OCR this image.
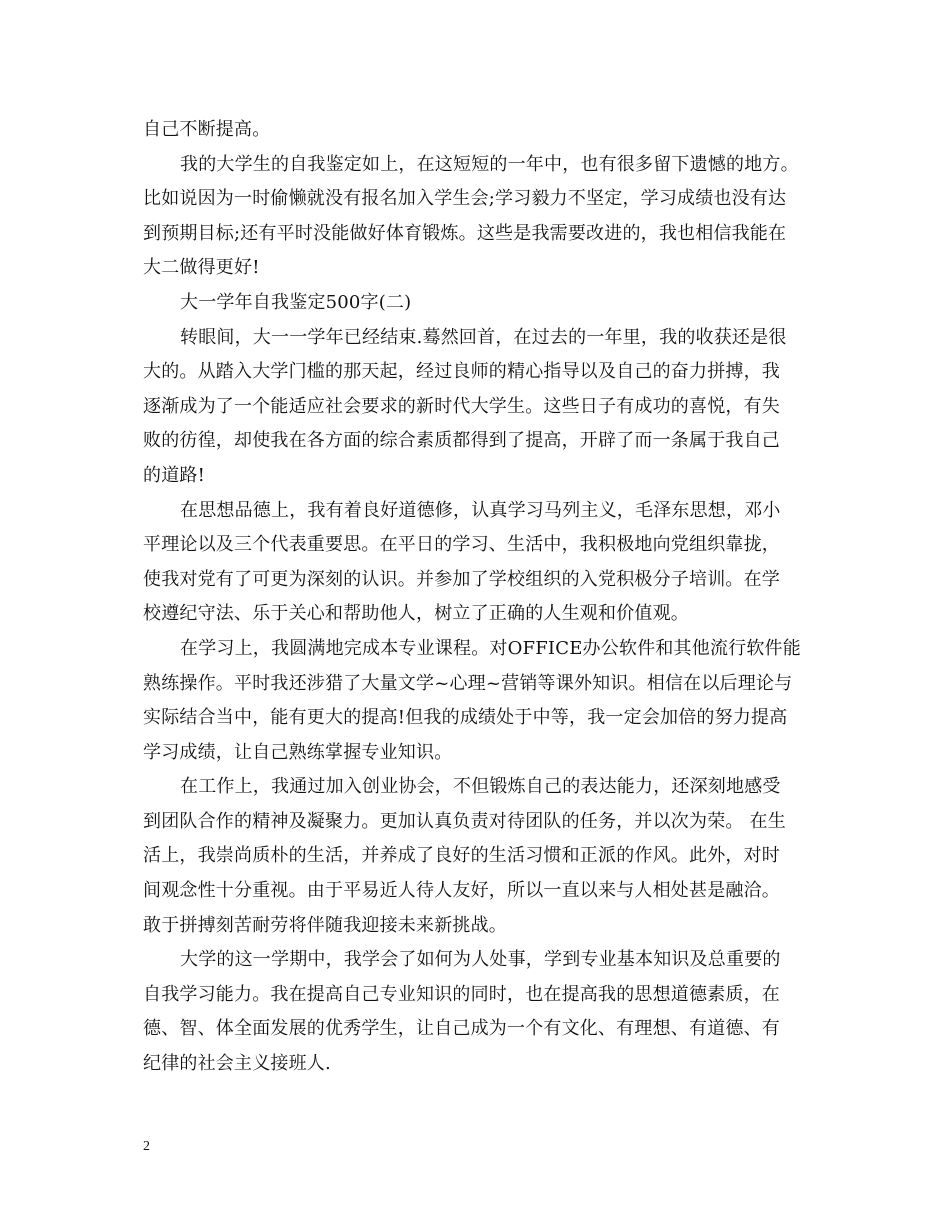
自己不断提高。
我的大学生的自我鉴定如上，在这短短的一年中，也有很多留下遗憾的地方。
比如说因为一时偷懒就没有报名加入学生会;学习毅力不坚定，学习成绩也没有达
到预期目标;还有平时没能做好体育锻炼。这些是我需要改进的，我也相信我能在
大二做得更好!
大一学年自我鉴定500字(二)
转眼间，大一一学年已经结束.蓦然回首，在过去的一年里，我的收获还是很
大的。从踏入大学门槛的那天起，经过良师的精心指导以及自己的奋力拼搏，我
逐渐成为了一个能适应社会要求的新时代大学生。这些日子有成功的喜悦，有失
败的彷徨，却使我在各方面的综合素质都得到了提高，开辟了而一条属于我自己
的道路!
在思想品德上，我有着良好道德修，认真学习马列主义，毛泽东思想，邓小
平理论以及三个代表重要思。在平日的学习、生活中，我积极地向党组织靠拢，
使我对党有了可更为深刻的认识。并参加了学校组织的入党积极分子培训。在学
校遵纪守法、乐于关心和帮助他人，树立了正确的人生观和价值观。
在学习上，我圆满地完成本专业课程。对OFFICE办公软件和其他流行软件能
熟练操作。平时我还涉猎了大量文学~心理~营销等课外知识。相信在以后理论与
实际结合当中，能有更大的提高!但我的成绩处于中等，我一定会加倍的努力提高
学习成绩，让自己熟练掌握专业知识。
在工作上，我通过加入创业协会，不但锻炼自己的表达能力，还深刻地感受
到团队合作的精神及凝聚力。更加认真负责对待团队的任务，并以次为荣。 在生
活上，我崇尚质朴的生活，并养成了良好的生活习惯和正派的作风。此外，对时
间观念性十分重视。由于平易近人待人友好，所以一直以来与人相处甚是融洽。
敢于拼搏刻苦耐劳将伴随我迎接未来新挑战。
大学的这一学期中，我学会了如何为人处事，学到专业基本知识及总重要的
自我学习能力。我在提高自己专业知识的同时，也在提高我的思想道德素质，在
德、智、体全面发展的优秀学生，让自己成为一个有文化、有理想、有道德、有
纪律的社会主义接班人.
2
